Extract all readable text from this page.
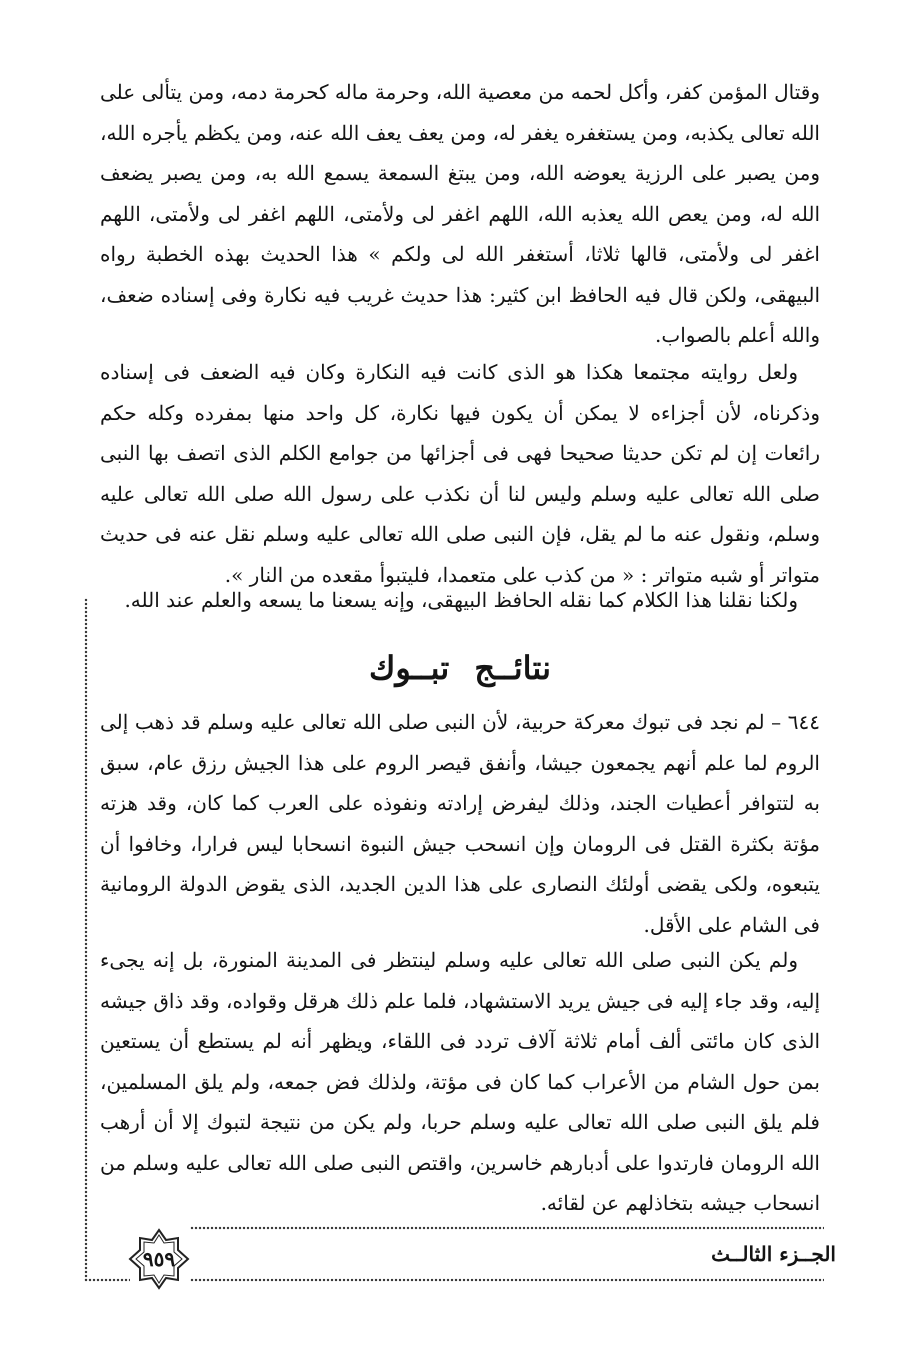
وقتال المؤمن كفر، وأكل لحمه من معصية الله، وحرمة ماله كحرمة دمه، ومن يتألى على الله تعالى يكذبه، ومن يستغفره يغفر له، ومن يعف يعف الله عنه، ومن يكظم يأجره الله، ومن يصبر على الرزية يعوضه الله، ومن يبتغ السمعة يسمع الله به، ومن يصبر يضعف الله له، ومن يعص الله يعذبه الله، اللهم اغفر لى ولأمتى، اللهم اغفر لى ولأمتى، اللهم اغفر لى ولأمتى، قالها ثلاثا، أستغفر الله لى ولكم » هذا الحديث بهذه الخطبة رواه البيهقى، ولكن قال فيه الحافظ ابن كثير: هذا حديث غريب فيه نكارة وفى إسناده ضعف، والله أعلم بالصواب.

ولعل روايته مجتمعا هكذا هو الذى كانت فيه النكارة وكان فيه الضعف فى إسناده وذكرناه، لأن أجزاءه لا يمكن أن يكون فيها نكارة، كل واحد منها بمفرده وكله حكم رائعات إن لم تكن حديثا صحيحا فهى فى أجزائها من جوامع الكلم الذى اتصف بها النبى صلى الله تعالى عليه وسلم وليس لنا أن نكذب على رسول الله صلى الله تعالى عليه وسلم، ونقول عنه ما لم يقل، فإن النبى صلى الله تعالى عليه وسلم نقل عنه فى حديث متواتر أو شبه متواتر : « من كذب على متعمدا، فليتبوأ مقعده من النار ».

ولكنا نقلنا هذا الكلام كما نقله الحافظ البيهقى، وإنه يسعنا ما يسعه والعلم عند الله.

نتائــج تبــوك

٦٤٤ – لم نجد فى تبوك معركة حربية، لأن النبى صلى الله تعالى عليه وسلم قد ذهب إلى الروم لما علم أنهم يجمعون جيشا، وأنفق قيصر الروم على هذا الجيش رزق عام، سبق به لتتوافر أعطيات الجند، وذلك ليفرض إرادته ونفوذه على العرب كما كان، وقد هزته مؤتة بكثرة القتل فى الرومان وإن انسحب جيش النبوة انسحابا ليس فرارا، وخافوا أن يتبعوه، ولكى يقضى أولئك النصارى على هذا الدين الجديد، الذى يقوض الدولة الرومانية فى الشام على الأقل.

ولم يكن النبى صلى الله تعالى عليه وسلم لينتظر فى المدينة المنورة، بل إنه يجىء إليه، وقد جاء إليه فى جيش يريد الاستشهاد، فلما علم ذلك هرقل وقواده، وقد ذاق جيشه الذى كان مائتى ألف أمام ثلاثة آلاف تردد فى اللقاء، ويظهر أنه لم يستطع أن يستعين بمن حول الشام من الأعراب كما كان فى مؤتة، ولذلك فض جمعه، ولم يلق المسلمين، فلم يلق النبى صلى الله تعالى عليه وسلم حربا، ولم يكن من نتيجة لتبوك إلا أن أرهب الله الرومان فارتدوا على أدبارهم خاسرين، واقتص النبى صلى الله تعالى عليه وسلم من انسحاب جيشه بتخاذلهم عن لقائه.

٩٥٩	الجــزء الثالــث
